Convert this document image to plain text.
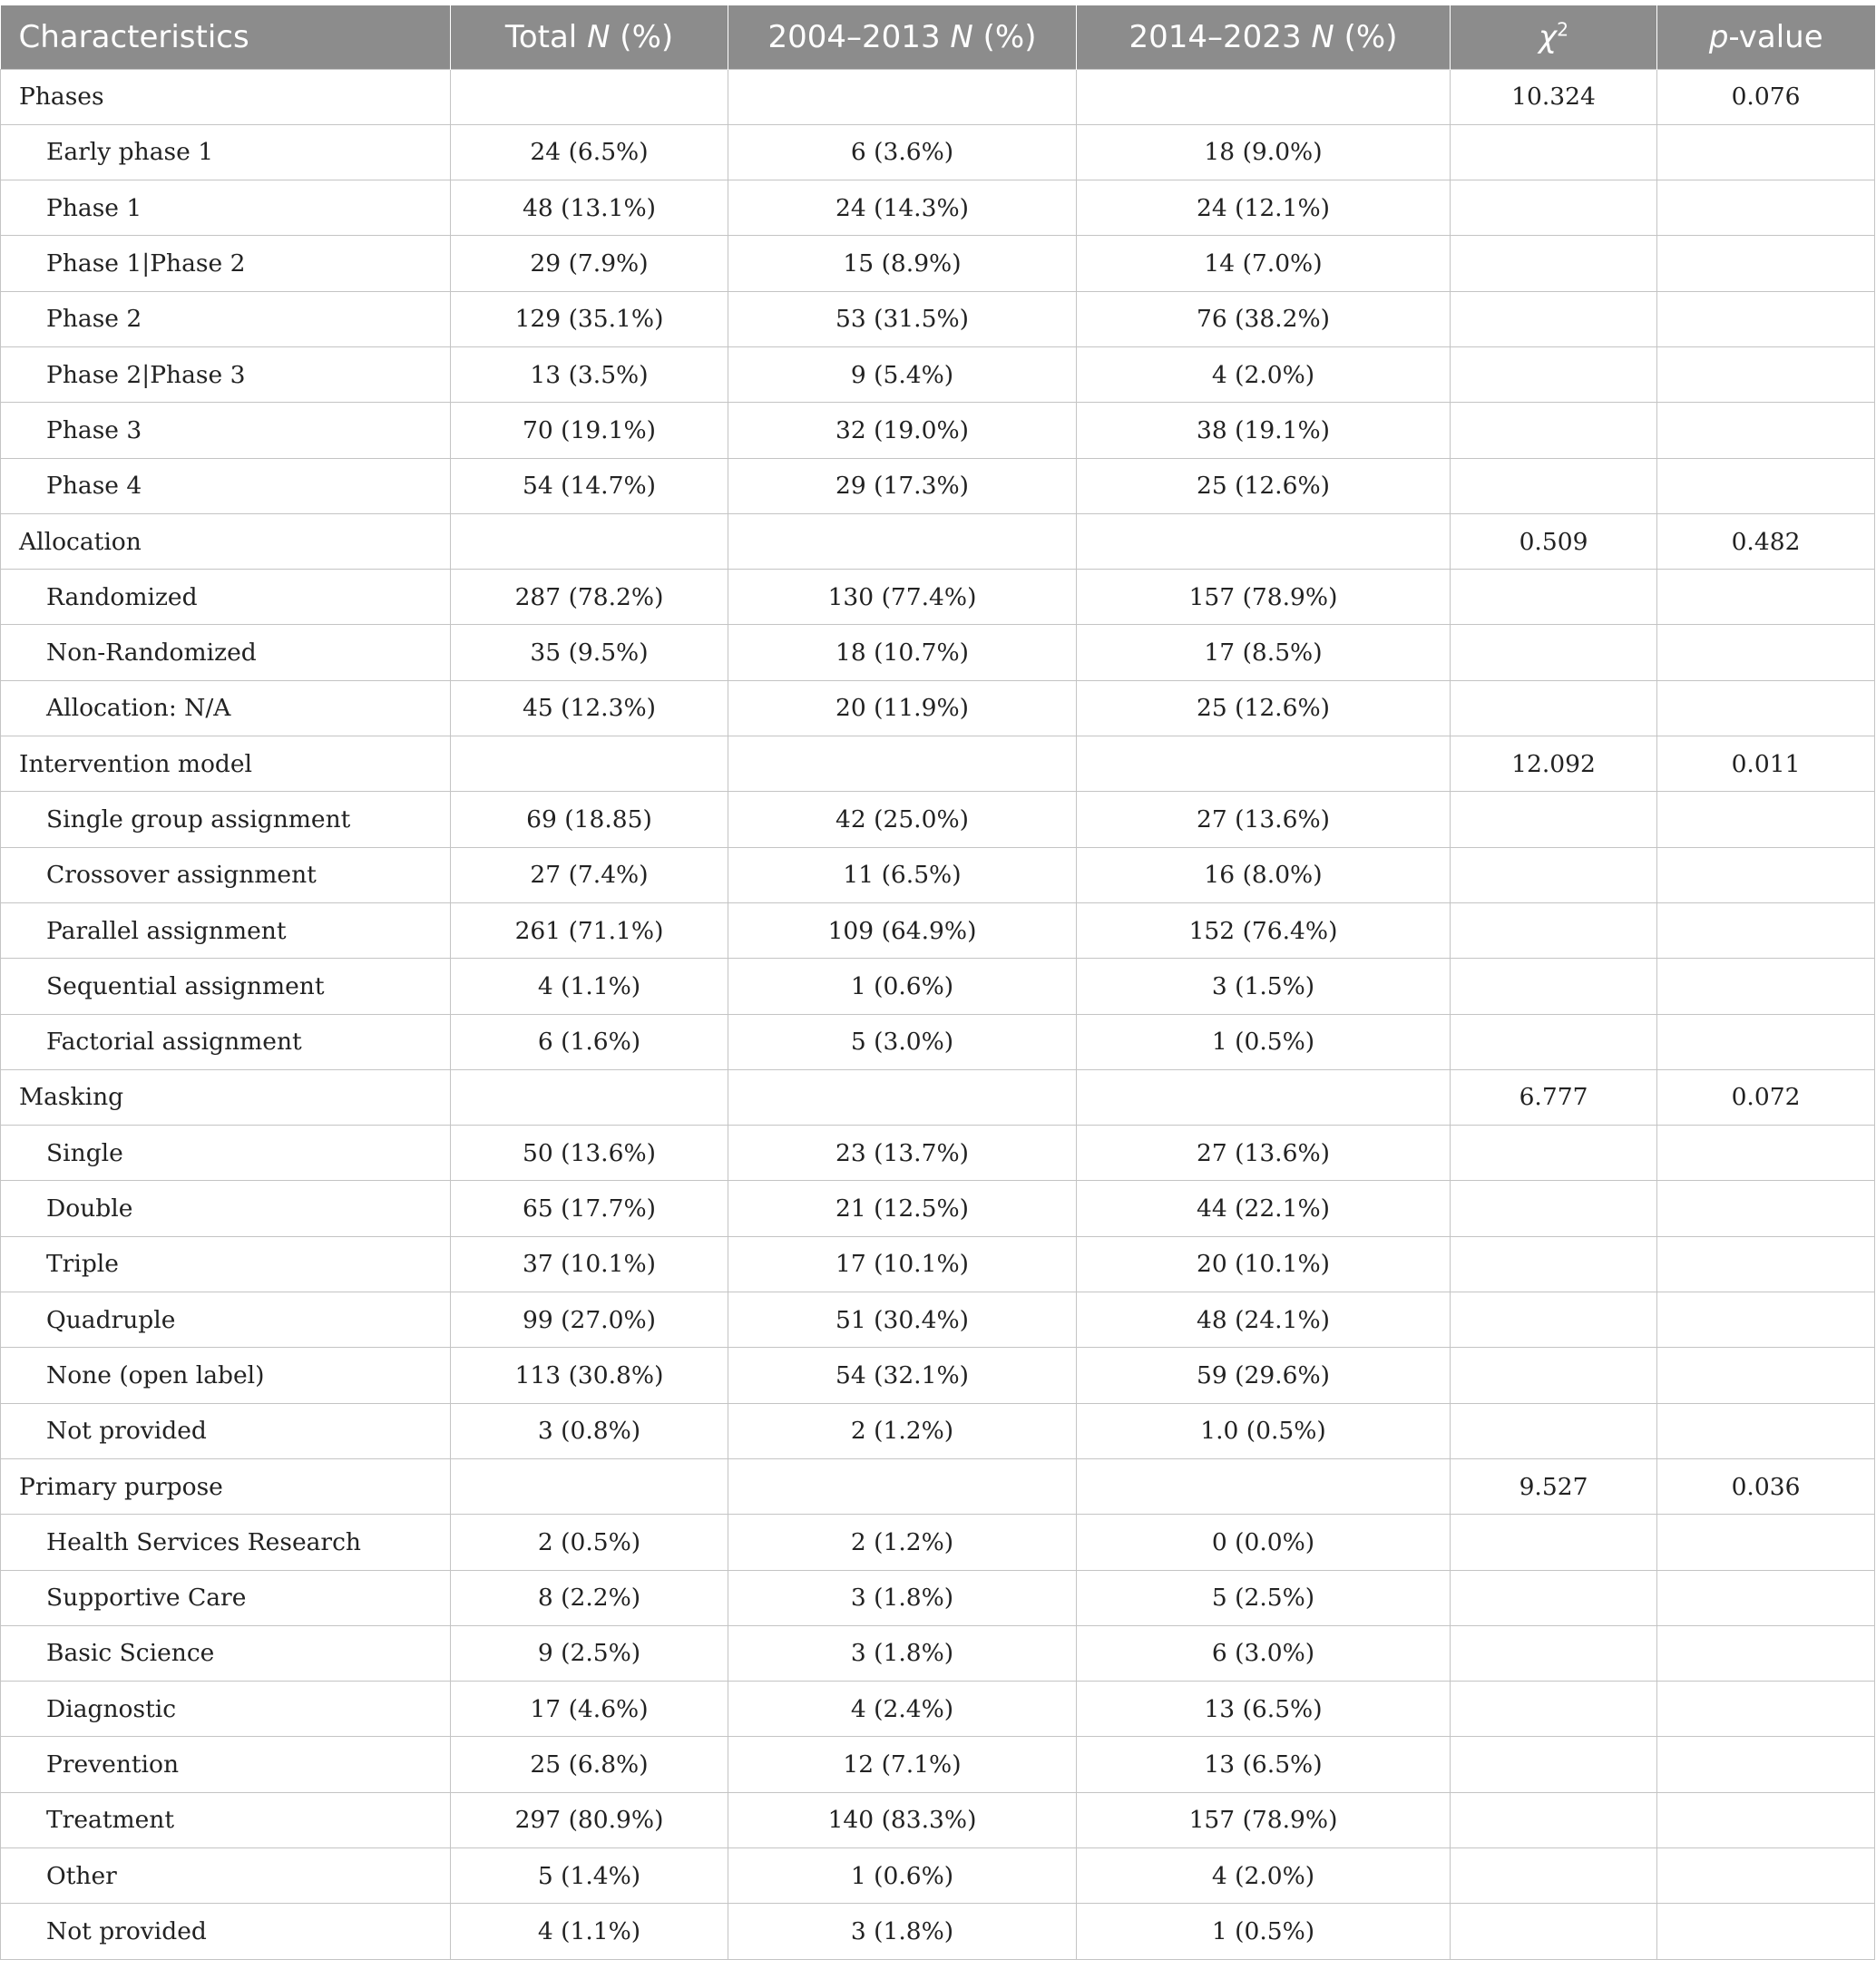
Characteristics	Total N (%)	2004–2013 N (%)	2014–2023 N (%)	$\chi^2$	p-value
Phases				10.324	0.076
Early phase 1	24 (6.5%)	6 (3.6%)	18 (9.0%)		
Phase 1	48 (13.1%)	24 (14.3%)	24 (12.1%)		
Phase 1|Phase 2	29 (7.9%)	15 (8.9%)	14 (7.0%)		
Phase 2	129 (35.1%)	53 (31.5%)	76 (38.2%)		
Phase 2|Phase 3	13 (3.5%)	9 (5.4%)	4 (2.0%)		
Phase 3	70 (19.1%)	32 (19.0%)	38 (19.1%)		
Phase 4	54 (14.7%)	29 (17.3%)	25 (12.6%)		
Allocation				0.509	0.482
Randomized	287 (78.2%)	130 (77.4%)	157 (78.9%)		
Non-Randomized	35 (9.5%)	18 (10.7%)	17 (8.5%)		
Allocation: N/A	45 (12.3%)	20 (11.9%)	25 (12.6%)		
Intervention model				12.092	0.011
Single group assignment	69 (18.85)	42 (25.0%)	27 (13.6%)		
Crossover assignment	27 (7.4%)	11 (6.5%)	16 (8.0%)		
Parallel assignment	261 (71.1%)	109 (64.9%)	152 (76.4%)		
Sequential assignment	4 (1.1%)	1 (0.6%)	3 (1.5%)		
Factorial assignment	6 (1.6%)	5 (3.0%)	1 (0.5%)		
Masking				6.777	0.072
Single	50 (13.6%)	23 (13.7%)	27 (13.6%)		
Double	65 (17.7%)	21 (12.5%)	44 (22.1%)		
Triple	37 (10.1%)	17 (10.1%)	20 (10.1%)		
Quadruple	99 (27.0%)	51 (30.4%)	48 (24.1%)		
None (open label)	113 (30.8%)	54 (32.1%)	59 (29.6%)		
Not provided	3 (0.8%)	2 (1.2%)	1.0 (0.5%)		
Primary purpose				9.527	0.036
Health Services Research	2 (0.5%)	2 (1.2%)	0 (0.0%)		
Supportive Care	8 (2.2%)	3 (1.8%)	5 (2.5%)		
Basic Science	9 (2.5%)	3 (1.8%)	6 (3.0%)		
Diagnostic	17 (4.6%)	4 (2.4%)	13 (6.5%)		
Prevention	25 (6.8%)	12 (7.1%)	13 (6.5%)		
Treatment	297 (80.9%)	140 (83.3%)	157 (78.9%)		
Other	5 (1.4%)	1 (0.6%)	4 (2.0%)		
Not provided	4 (1.1%)	3 (1.8%)	1 (0.5%)		
